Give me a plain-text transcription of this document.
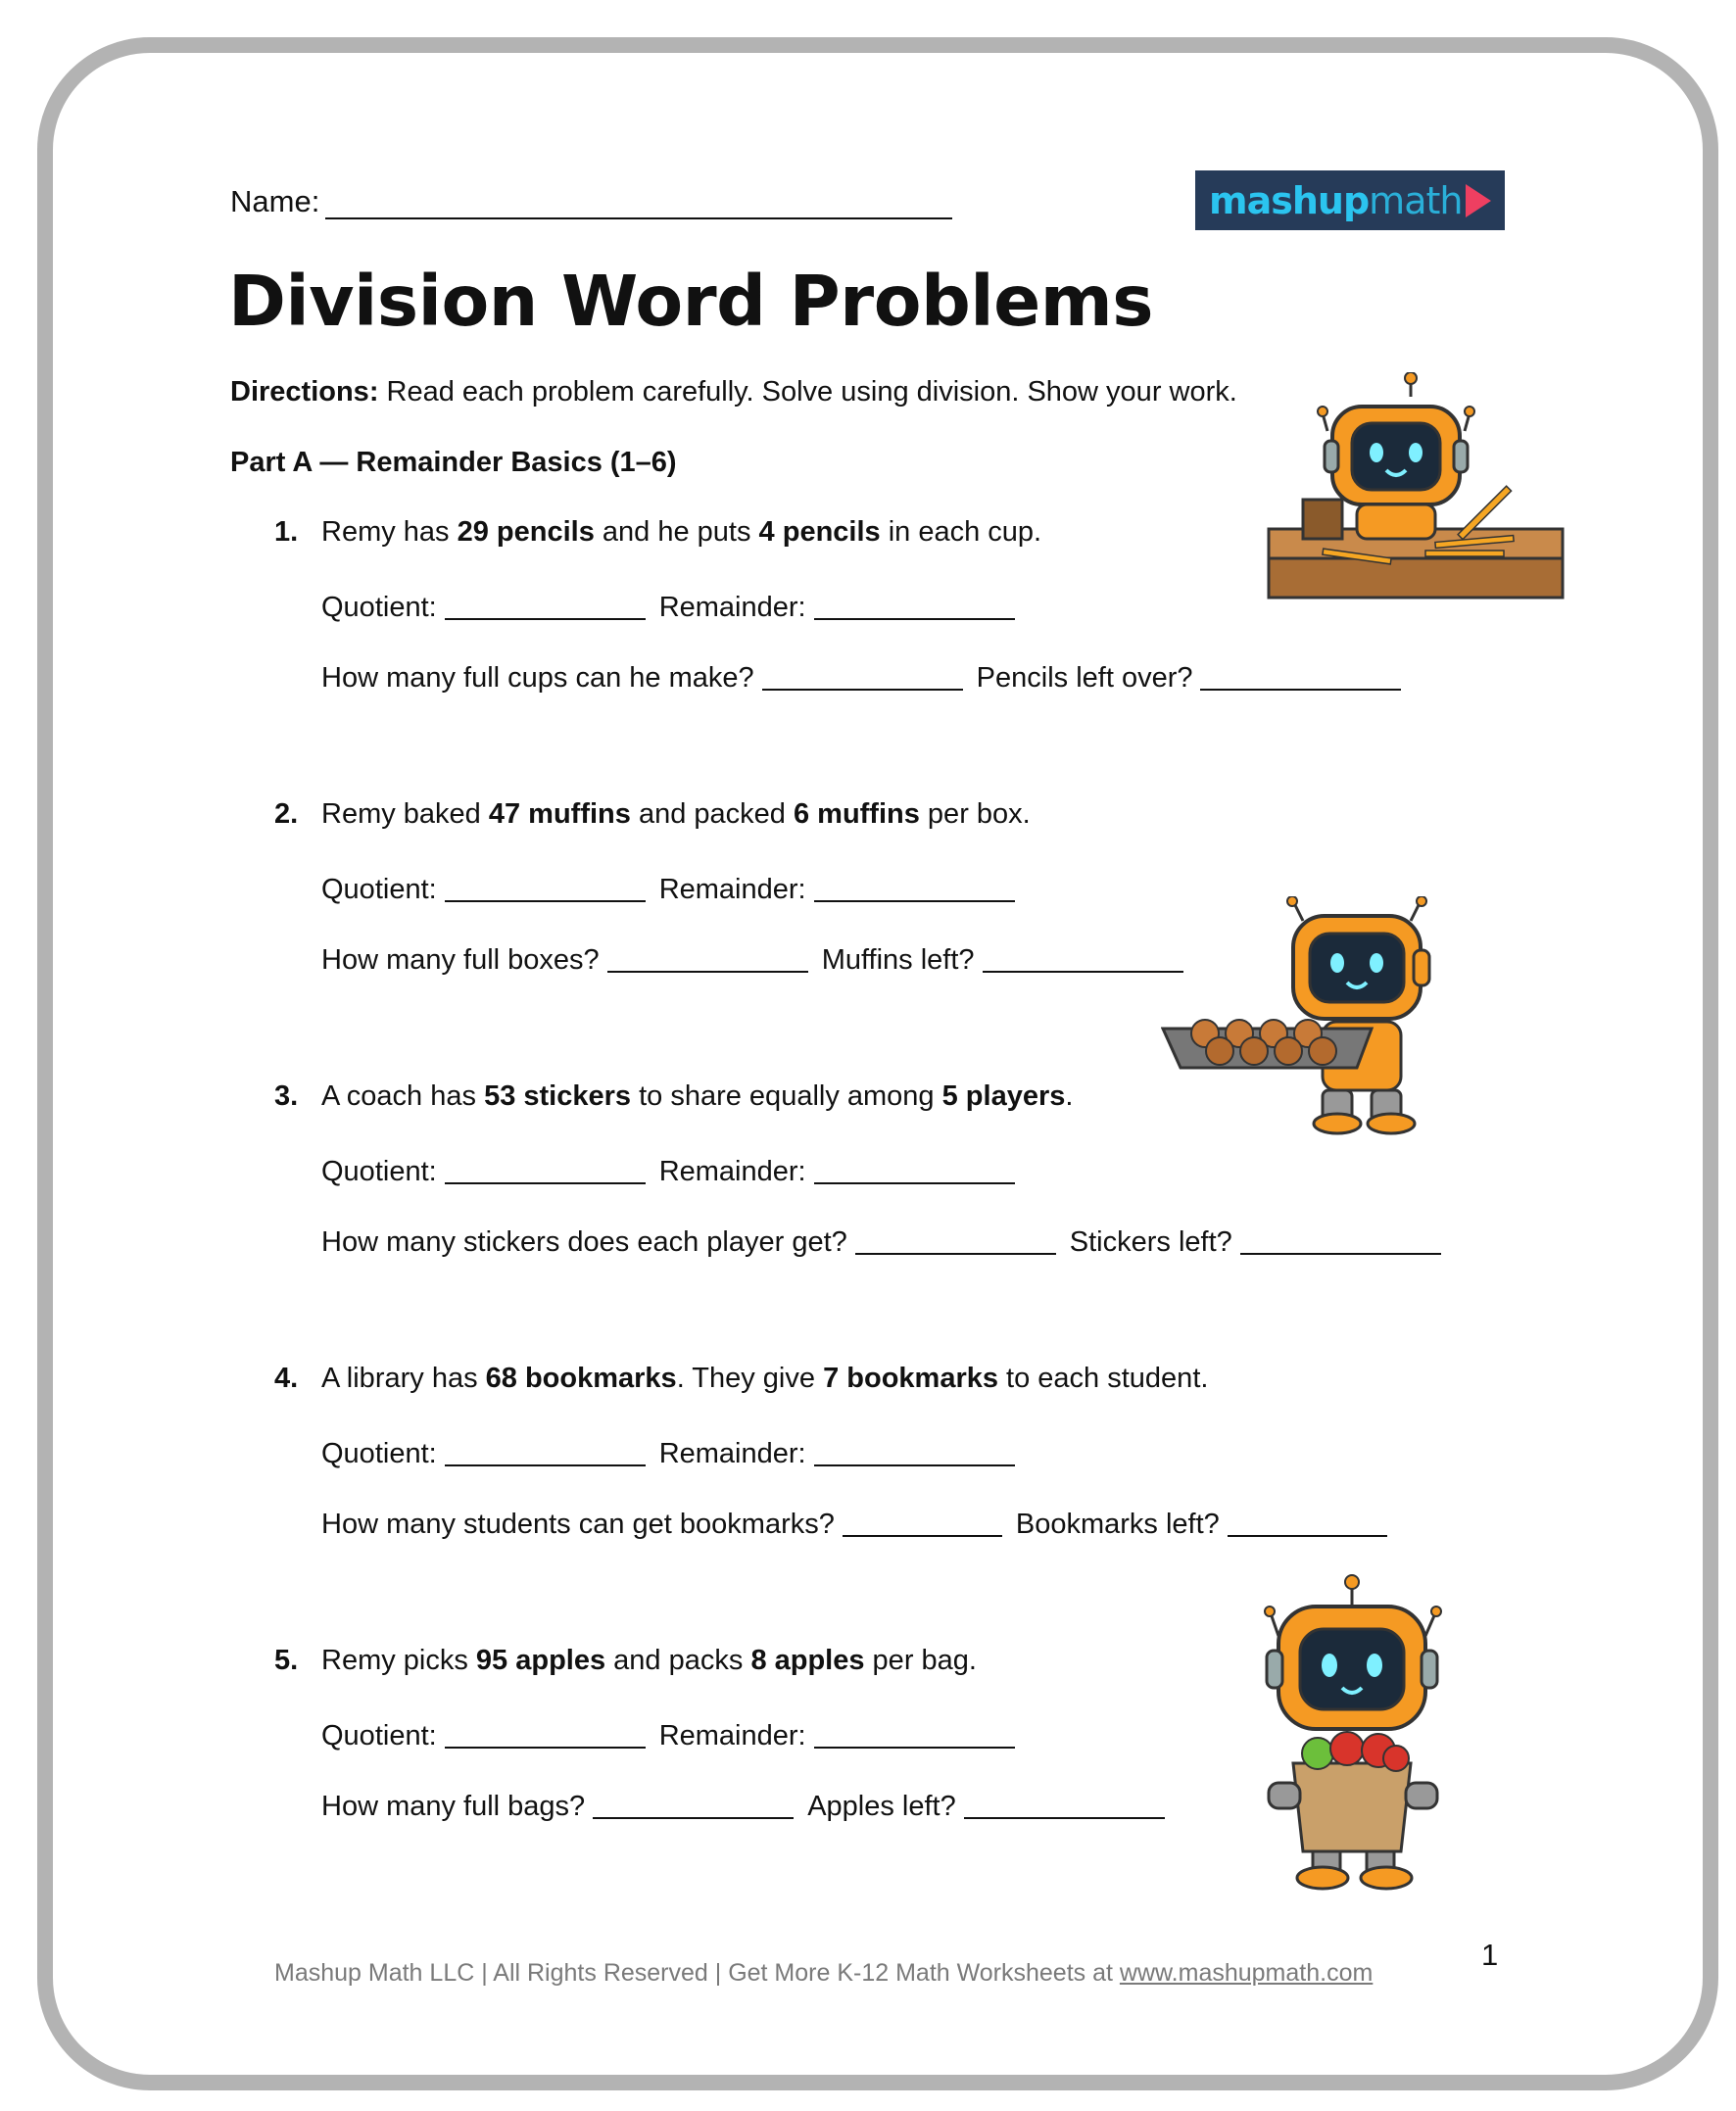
Name:	mashup math
Division Word Problems
Directions: Read each problem carefully. Solve using division. Show your work.
Part A — Remainder Basics (1–6)
1. Remy has 29 pencils and he puts 4 pencils in each cup.
Quotient:	Remainder:
How many full cups can he make?	Pencils left over?
2. Remy baked 47 muffins and packed 6 muffins per box.
Quotient:	Remainder:
How many full boxes?	Muffins left?
3. A coach has 53 stickers to share equally among 5 players.
Quotient:	Remainder:
How many stickers does each player get?	Stickers left?
4. A library has 68 bookmarks. They give 7 bookmarks to each student.
Quotient:	Remainder:
How many students can get bookmarks?	Bookmarks left?
5. Remy picks 95 apples and packs 8 apples per bag.
Quotient:	Remainder:
How many full bags?	Apples left?
Mashup Math LLC | All Rights Reserved | Get More K-12 Math Worksheets at www.mashupmath.com
1
